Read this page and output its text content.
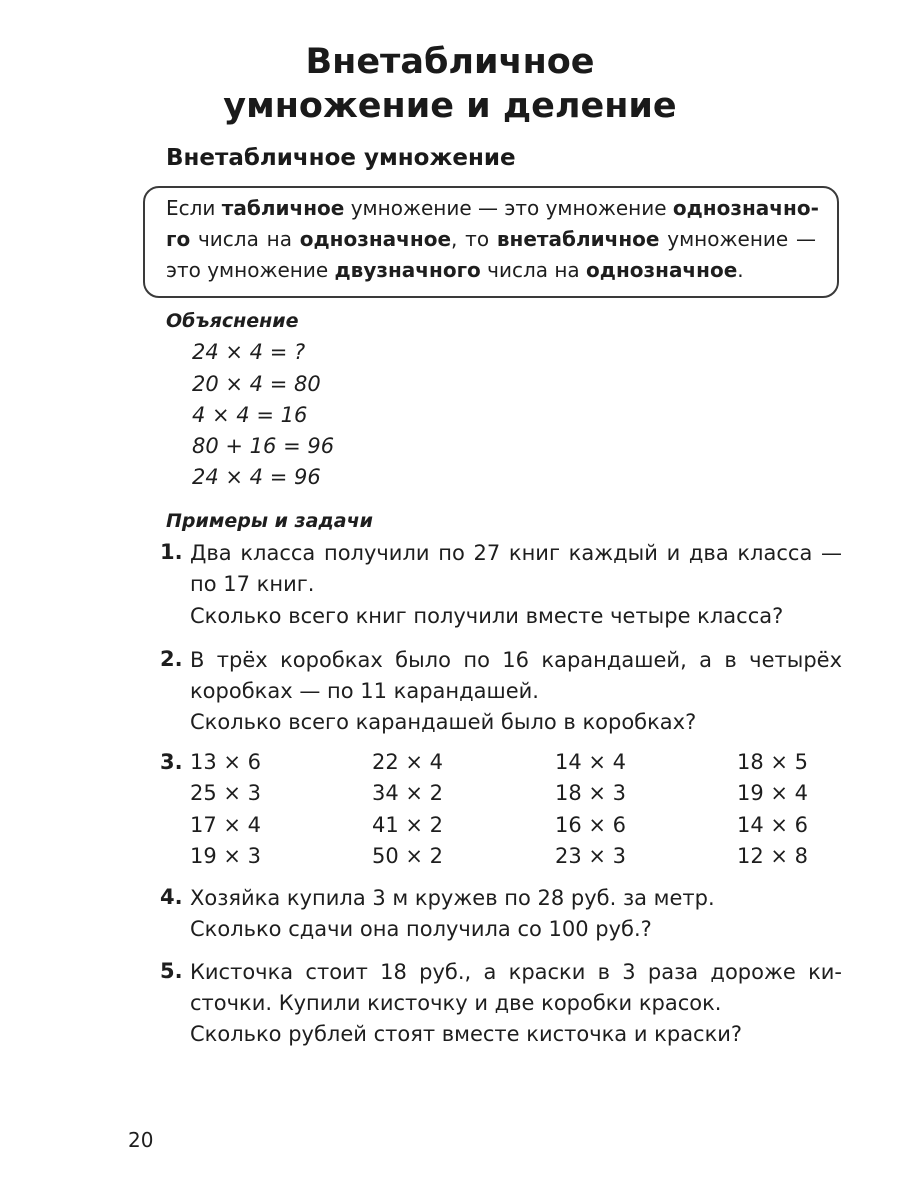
Внетабличное
умножение и деление
Внетабличное умножение
Если табличное умножение — это умножение однозначно-
го числа на однозначное, то внетабличное умножение —
это умножение двузначного числа на однозначное.
Объяснение
24 × 4 = ?
20 × 4 = 80
4 × 4 = 16
80 + 16 = 96
24 × 4 = 96
Примеры и задачи
1. Два класса получили по 27 книг каждый и два класса —
по 17 книг.
Сколько всего книг получили вместе четыре класса?
2. В трёх коробках было по 16 карандашей, а в четырёх
коробках — по 11 карандашей.
Сколько всего карандашей было в коробках?
3. 13 × 6
25 × 3
17 × 4
19 × 3
22 × 4
34 × 2
41 × 2
50 × 2
14 × 4
18 × 3
16 × 6
23 × 3
18 × 5
19 × 4
14 × 6
12 × 8
4. Хозяйка купила 3 м кружев по 28 руб. за метр.
Сколько сдачи она получила со 100 руб.?
5. Кисточка стоит 18 руб., а краски в 3 раза дороже ки-
сточки. Купили кисточку и две коробки красок.
Сколько рублей стоят вместе кисточка и краски?
20
